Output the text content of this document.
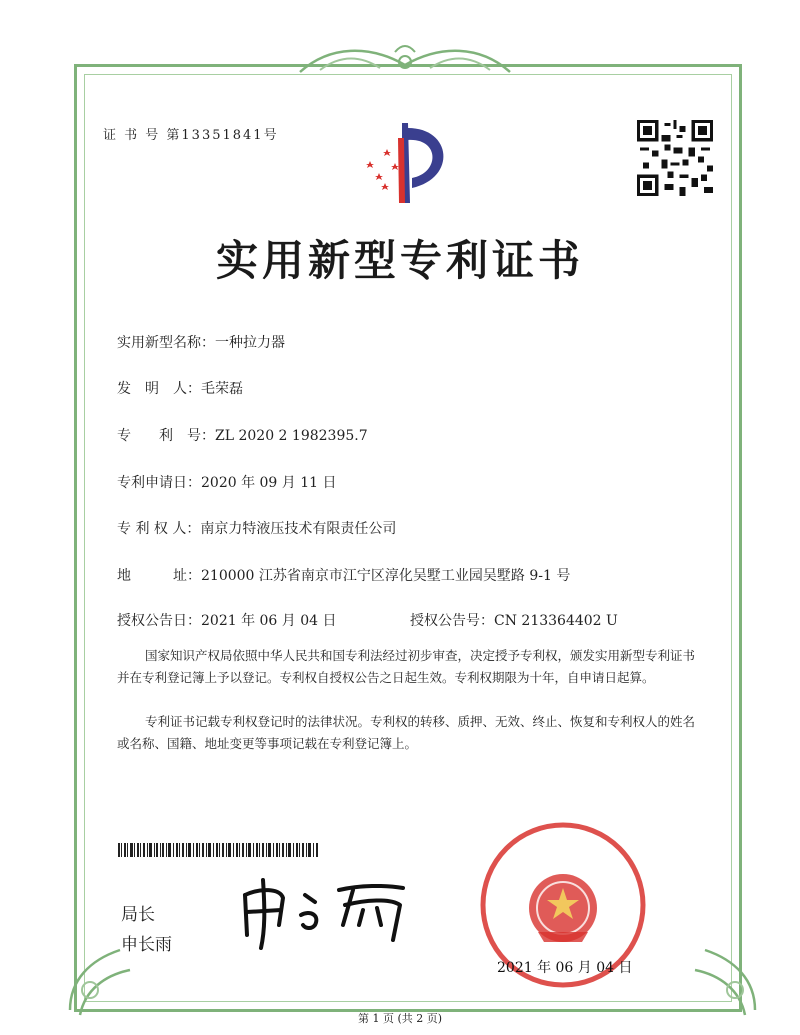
证 书 号 第13351841号
实用新型专利证书
实用新型名称：一种拉力器
发　明　人：毛荣磊
专　　利　号：ZL 2020 2 1982395.7
专利申请日：2020 年 09 月 11 日
专 利 权 人：南京力特液压技术有限责任公司
地　　　址：210000 江苏省南京市江宁区淳化吴墅工业园吴墅路 9-1 号
授权公告日：2021 年 06 月 04 日	授权公告号：CN 213364402 U
国家知识产权局依照中华人民共和国专利法经过初步审查，决定授予专利权，颁发实用新型专利证书并在专利登记簿上予以登记。专利权自授权公告之日起生效。专利权期限为十年，自申请日起算。
专利证书记载专利权登记时的法律状况。专利权的转移、质押、无效、终止、恢复和专利权人的姓名或名称、国籍、地址变更等事项记载在专利登记簿上。
局长
申长雨
2021 年 06 月 04 日
第 1 页 (共 2 页)
